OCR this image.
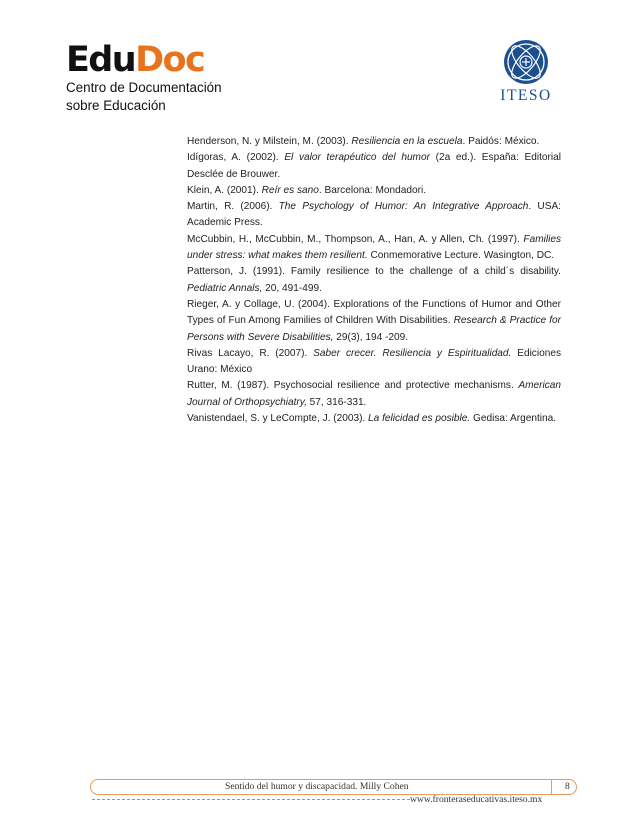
EduDoc
Centro de Documentación
sobre Educación
ITESO
Henderson, N. y Milstein, M. (2003). Resiliencia en la escuela. Paidós: México.
Idígoras, A. (2002). El valor terapéutico del humor (2a ed.). España: Editorial Desclée de Brouwer.
Klein, A. (2001). Reír es sano. Barcelona: Mondadori.
Martin, R. (2006). The Psychology of Humor: An Integrative Approach. USA: Academic Press.
McCubbin, H., McCubbin, M., Thompson, A., Han, A. y Allen, Ch. (1997). Families under stress: what makes them resilient. Conmemorative Lecture. Wasington, DC.
Patterson, J. (1991). Family resilience to the challenge of a child´s disability. Pediatric Annals, 20, 491-499.
Rieger, A. y Collage, U. (2004). Explorations of the Functions of Humor and Other Types of Fun Among Families of Children With Disabilities. Research & Practice for Persons with Severe Disabilities, 29(3), 194 -209.
Rivas Lacayo, R. (2007). Saber crecer. Resiliencia y Espiritualidad. Ediciones Urano: México
Rutter, M. (1987). Psychosocial resilience and protective mechanisms. American Journal of Orthopsychiatry, 57, 316-331.
Vanistendael, S. y LeCompte, J. (2003). La felicidad es posible. Gedisa: Argentina.
Sentido del humor y discapacidad. Milly Cohen	8
www.fronteraseducativas.iteso.mx
